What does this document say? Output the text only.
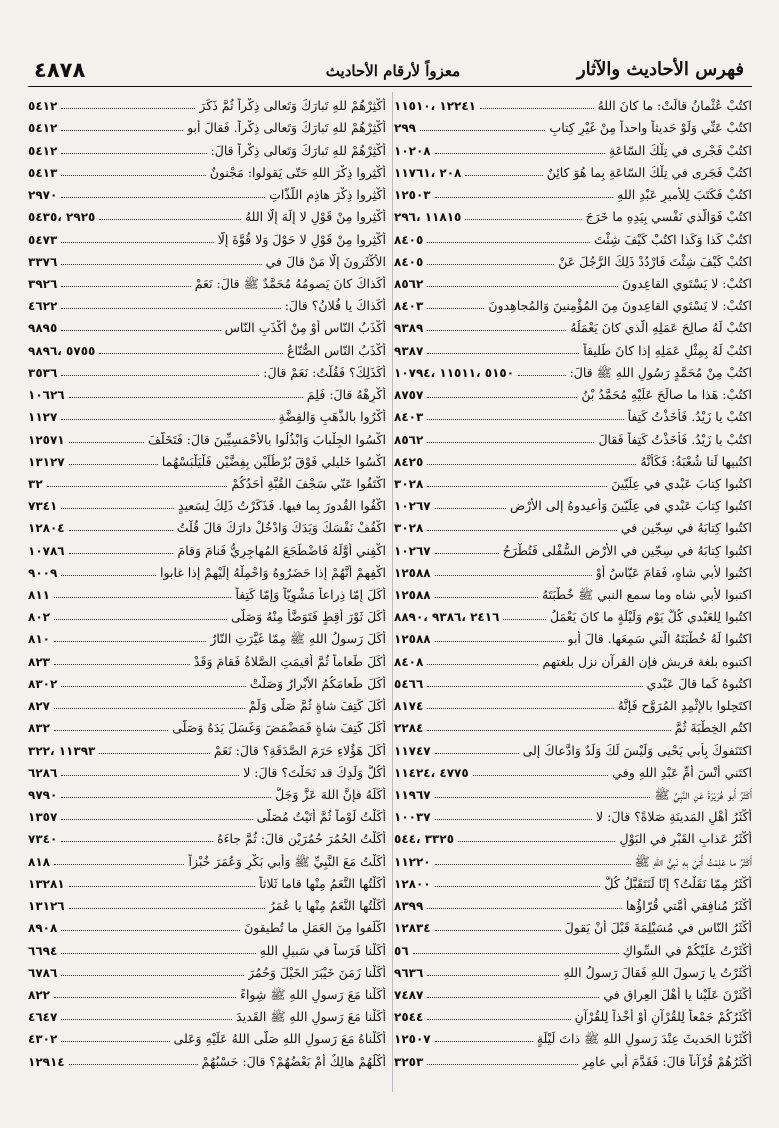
٤٨٧٨	معزواً لأرقام الأحاديث	فهرس الأحاديث والآثار
اكتُبْ عُثْمانُ قالَتْ: ما كانَ اللهُ
١٢٢٤١ ،١١٥١٠
اكتُبْ عَنِّي وَلَوْ حَديثاً واحداً مِنْ غَيْرِ كِتابٍ
٢٩٩
اكتُبْ فَجْرى في تِلْكَ السّاعَةِ
١٠٢٠٨
اكتُبْ فَجَرى في تِلْكَ السّاعَةِ بِما هُوَ كائِنٌ
٢٠٨ ،١١٧٦١
اكتُبْ فَكَتَبَ لِلأَميرِ عَبْدِ اللهِ
١٢٥٠٣
اكتُبْ فَوَالَّذي نَفْسي بِيَدِهِ ما خَرَجَ
١١٨١٥ ،٢٩٦
اكتُبْ كَذا وَكَذا اكتُبْ كَيْفَ شِئْتَ
٨٤٠٥
اكتُبْ كَيْفَ شِئْتَ فَارْدُدْ ذَلِكَ الرَّجُلَ عَنْ
٨٤٠٥
اكتُبْ: لا يَسْتَوي القاعِدونَ
٨٥٦٢
اكتُبْ: لا يَسْتَوي القاعِدونَ مِنَ المُؤْمِنينَ وَالمُجاهِدونَ
٨٤٠٣
اكتُبْ لَهُ صالِحَ عَمَلِهِ الَّذي كانَ يَعْمَلُهُ
٩٣٨٩
اكتُبْ لَهُ بِمِثْلِ عَمَلِهِ إذا كانَ طَليقاً
٩٣٨٧
اكتُبْ مِنْ مُحَمَّدٍ رَسُولِ اللهِ ﷺ قالَ:
٥١٥٠ ،١١٥١١ ،١٠٧٩٤
اكتُبْ: هَذا ما صالَحَ عَلَيْهِ مُحَمَّدُ بْنُ
٨٧٥٧
اكتُبْ يا زَيْدُ. فَأَخَذْتُ كَتِفاً
٨٤٠٣
اكتُبْ يا زَيْدُ. فَأَخَذْتُ كَتِفاً فَقالَ
٨٥٦٢
اكتُبيها لَنا شُعْبَةُ: فَكَأَنَّهُ
٨٤٢٥
اكتُبوا كِتابَ عَبْدي في عِلِّيّينَ
٣٠٢٨
اكتُبوا كِتابَ عَبْدي في عِلِّيّينَ وَأَعيدوهُ إلى الأَرْضِ
١٠٢٦٧
اكتُبوا كِتابَهُ في سِجّينٍ في
٣٠٢٨
اكتُبوا كِتابَهُ في سِجّينٍ في الأَرْضِ السُّفْلى فَتُطْرَحُ
١٠٢٦٧
اكتُبوا لأَبي شاهٍ، فَقامَ عَبّاسُ أَوْ
١٢٥٨٨
اكتبوا لأبي شاه وما سمع النبي ﷺ خُطْبَتَهُ
١٢٥٨٨
اكتُبوا لِلعَبْدي كُلَّ يَوْمٍ وَلَيْلَةٍ ما كانَ يَعْمَلُ
٢٤١٦ ،٩٣٨٦ ،٨٨٩٠
اكتُبوا لَهُ خُطْبَتَهُ الَّتي سَمِعَها. قالَ أَبو
١٢٥٨٨
اكتبوه بلغة قريش فإن القرآن نزل بلغتهم
٨٤٠٨
اكتُبوهُ كَما قالَ عَبْدي
٥٤٦٦
اكتَحِلوا بالإِثْمِدِ المُرَوَّحِ فَإِنَّهُ
٨١٧٤
اكتُمِ الخِطْبَةَ ثُمَّ
٢٢٨٤
اكتَنَفوكَ بِأَبي يَحْيى وَلَيْسَ لَكَ وَلَدٌ وَادَّعاكَ إلى
١١٧٤٧
اكتَني أُنْسَ أُمِّ عَبْدِ اللهِ وفي
٤٧٧٥ ،١١٤٢٤
أَكْثَرُ أَبو هُرَيْرَةَ عَنِ النَّبِيِّ ﷺ
١١٩٦٧
أَكْثَرُ أَهْلِ المَدينَةِ صَلاةً؟ قالَ: لا
١٠٠٣٧
أَكْثَرُ عَذابِ القَبْرِ في البَوْلِ
٣٣٢٥ ،٥٤٤
أَكْثَرُ ما عَلِمْتُ أُتِيَ بِهِ نَبِيُّ اللهِ ﷺ
١١٢٢٠
أَكْثَرُ مِمّا نَقَلْتُ؟ إِنّا لَنَتَقَبَّلُ كُلَّ
١٢٨٠٠
أَكْثَرُ مُنافِقي أُمَّتي قُرّاؤُها
٨٣٩٩
أَكْثَرُ النّاسِ في مُسَيْلِمَةَ قَبْلَ أَنْ يَقولَ
١٢٨٣٤
أَكْثَرْتُ عَلَيْكُمْ في السِّواكِ
٥٦
أَكْثَرْتُ يا رَسولَ اللهِ فَقالَ رَسولُ اللهِ
٩٦٣٦
أَكْثَرْنَ عَلَيْنا يا أَهْلَ العِراقِ في
٧٤٨٧
أَكْثَرُكُمْ جَمْعاً لِلقُرْآنِ أَوْ أَخْذاً لِلقُرْآنِ
٢٥٤٤
أَكْثَرْنا الحَديثَ عِنْدَ رَسولِ اللهِ ﷺ ذاتَ لَيْلَةٍ
١٢٥٠٧
أَكْثَرُهُمْ قُرْآناً قالَ: فَقَدَّمَ أَبي عامِرٍ
٣٢٥٣
أَكْثِرْهُمْ للهِ تَبارَكَ وَتَعالى ذِكْراً ثُمَّ ذَكَرَ
٥٤١٢
أَكْثِرْهُمْ للهِ تَبارَكَ وَتَعالى ذِكْراً. فَقالَ أَبو
٥٤١٢
أَكْثِرْهُمْ للهِ تَبارَكَ وَتَعالى ذِكْراً قالَ:
٥٤١٢
أَكْثِروا ذِكْرَ اللهِ حَتّى يَقولوا: مَجْنونٌ
٥٤١٣
أَكْثِروا ذِكْرَ هاذِمِ اللَّذّاتِ
٢٩٧٠
أَكْثِروا مِنْ قَوْلِ لا إِلَهَ إِلّا اللهُ
٢٩٢٥ ،٥٤٣٥
أَكْثِروا مِنْ قَوْلِ لا حَوْلَ وَلا قُوَّةَ إِلّا
٥٤٧٣
الأَكْثَرونَ إِلّا مَنْ قالَ في
٣٣٧٦
أَكَذاكَ كانَ يَصومُهُ مُحَمَّدٌ ﷺ قالَ: نَعَمْ
٣٩٢٦
أَكَذاكَ يا فُلانُ؟ قالَ:
٤٦٢٢
أَكْذَبُ النّاسِ أَوْ مِنْ أَكْذَبِ النّاسِ
٩٨٩٥
أَكْذَبُ النّاسِ الصُّنّاعُ
٥٧٥٥ ،٩٨٩٦
أَكَذَلِكَ؟ فَقُلْتُ: نَعَمْ قالَ:
٣٥٣٦
أَكْرِهْهُ قالَ: فَلِمَ
١٠٦٢٦
أَكْرُوا بالذَّهَبِ وَالفِضَّةِ
١١٢٧
اكْسُوا الجِلْبابَ وَابْذُلُوا بالأَحْمَسِيِّينَ قالَ: فَتَخَلَّفَ
١٢٥٧١
اكْسُوا خَليلي فَوْقَ بُرْطُلَيْنِ بِفِضَّيْنِ فَلْيَلْبَسْهُما
١٣١٢٧
اكْتَفُوا عَنّي سَجْفَ القُبَّةِ أَحَدُكُمْ
٣٢
اكْفُوا القُدورَ بِما فيها. فَذَكَرْتُ ذَلِكَ لِسَعيدٍ
٧٣٤١
اكْفُفْ نَفْسَكَ وَيَدَكَ وَادْخُلْ دارَكَ قالَ قُلْتُ
١٢٨٠٤
اكْفِني أَوَّلَهُ فَاضْطَجَعَ المُهاجِرِيُّ فَنامَ وَقامَ
١٠٧٨٦
اكْفِهِمْ أَنَّهُمْ إِذا حَضَرُوهُ وَاحْمِلْهُ إِلَيْهِمْ إِذا غابوا
٩٠٠٩
أَكَلَ إِمّا ذِراعاً مَشْوِيّاً وَإِمّا كَتِفاً
٨١١
أَكَلَ ثَوْرَ أَقِطٍ فَتَوَضَّأَ مِنْهُ وَصَلّى
٨٠٢
أَكَلَ رَسولُ اللهِ ﷺ مِمّا غَيَّرَتِ النّارُ
٨١٠
أَكَلَ طَعاماً ثُمَّ أُقيمَتِ الصَّلاةُ فَقامَ وَقَدْ
٨٢٣
أَكَلَ طَعامَكُمُ الأَبْرارُ وَصَلَّتْ
٨٣٠٢
أَكَلَ كَتِفَ شاةٍ ثُمَّ صَلّى وَلَمْ
٨٢٧
أَكَلَ كَتِفَ شاةٍ فَمَضْمَضَ وَغَسَلَ يَدَهُ وَصَلّى
٨٣٢
أَكَلَ هَؤُلاءِ حَرَمَ الصَّدَقَةِ؟ قالَ: نَعَمْ
١١٣٩٣ ،٣٢٢
أَكُلَّ وَلَدِكَ قد نَحَلْتَ؟ قالَ: لا
٦٢٨٦
أَكَلَهُ فإِنَّ اللهَ عَزَّ وَجَلَّ
٩٧٩٠
أَكَلْتُ لَوْماً ثُمَّ أَتَيْتُ مُصَلّى
١٣٥٧
أَكَلْتُ الحُمُرَ حُمُرَيْنِ قالَ: ثُمَّ جاءَهُ
٧٣٤٠
أَكَلْتُ مَعَ النَّبِيِّ ﷺ وَأَبي بَكْرٍ وَعُمَرَ خُبْزاً
٨١٨
أَكَلْتُها النَّعَمُ مِنْها قاما ثَلاثاً
١٣٢٨١
أَكَلْتُها النَّعَمُ مِنْها يا عُمَرُ
١٣١٢٦
اكْلَفوا مِنَ العَمَلِ ما تُطيقونَ
٨٩٠٨
أَكَلْنا فَرَساً في سَبيلِ اللهِ
٦٦٩٤
أَكَلْنا زَمَنَ خَيْبَرَ الخَيْلَ وَحُمُرَ
٦٧٨٦
أَكَلْنا مَعَ رَسولِ اللهِ ﷺ شِواءً
٨٢٢
أَكَلْنا مَعَ رَسولِ اللهِ ﷺ القَديدَ
٤٦٤٧
أَكَلْناهُ مَعَ رَسولِ اللهِ صَلّى اللهُ عَلَيْهِ وَعَلى
٤٣٠٢
أَكْلُهُمْ هالِكٌ أَمْ بَعْضُهُمْ؟ قالَ: حَسْبُهُمْ
١٢٩١٤
